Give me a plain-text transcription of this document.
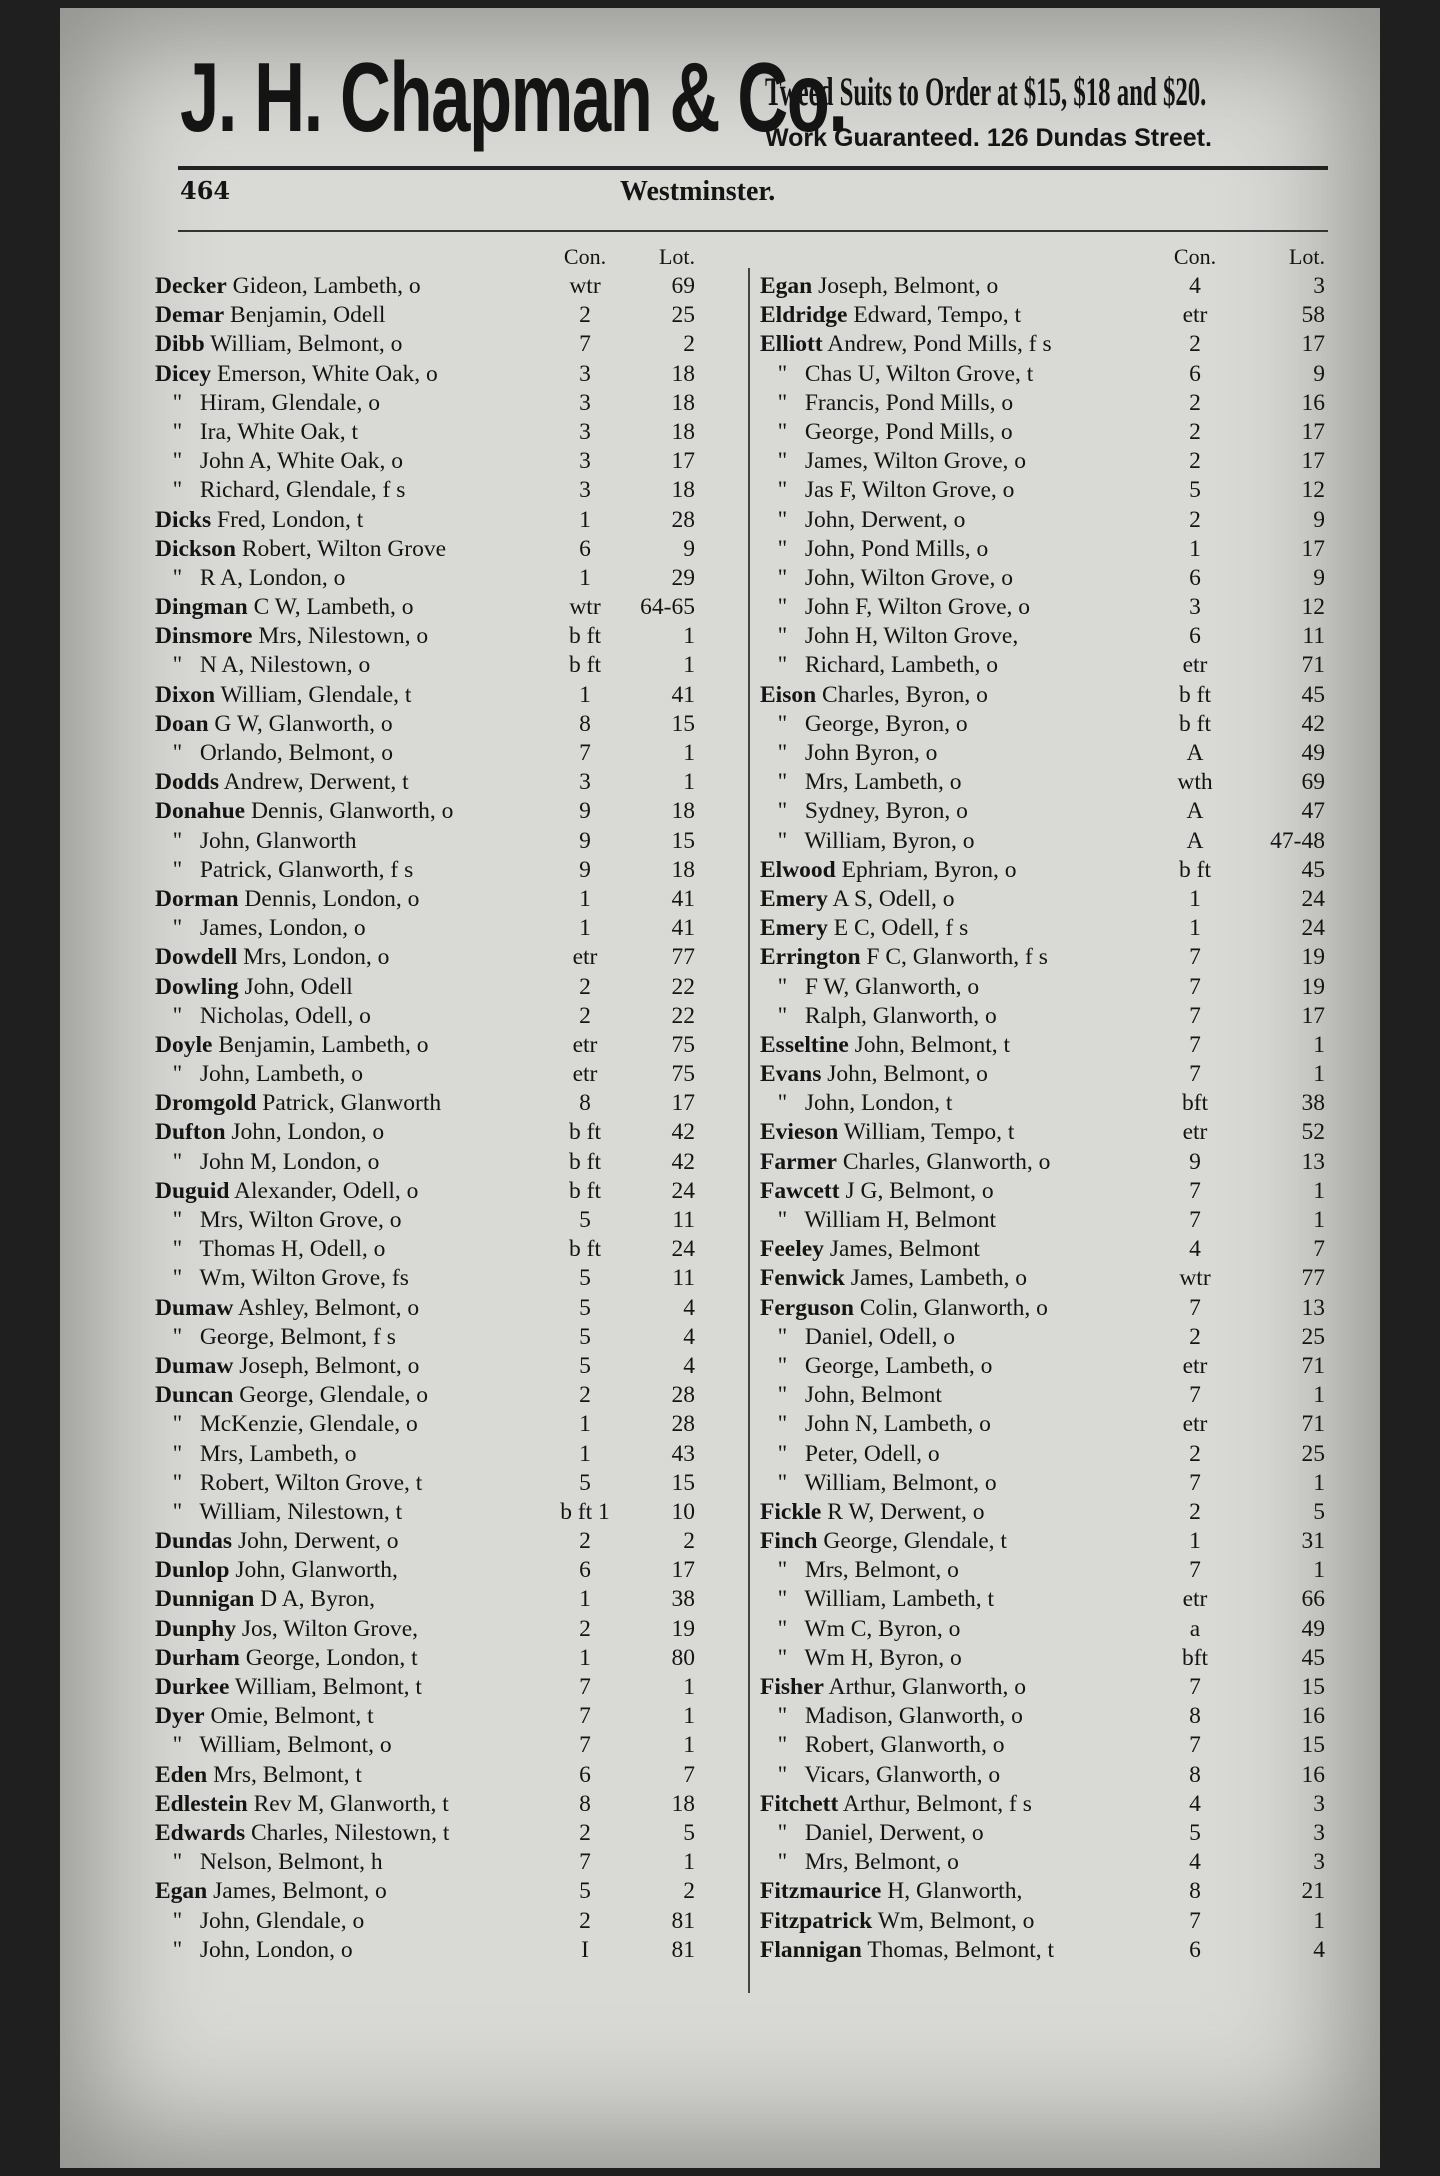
J. H. Chapman & Co.
Tweed Suits to Order at $15, $18 and $20.
Work Guaranteed. 126 Dundas Street.
464	Westminster.
Con.	Lot.
Decker Gideon, Lambeth, o	wtr	69
Demar Benjamin, Odell	2	25
Dibb William, Belmont, o	7	2
Dicey Emerson, White Oak, o	3	18
"   Hiram, Glendale, o	3	18
"   Ira, White Oak, t	3	18
"   John A, White Oak, o	3	17
"   Richard, Glendale, f s	3	18
Dicks Fred, London, t	1	28
Dickson Robert, Wilton Grove	6	9
"   R A, London, o	1	29
Dingman C W, Lambeth, o	wtr	64-65
Dinsmore Mrs, Nilestown, o	b ft	1
"   N A, Nilestown, o	b ft	1
Dixon William, Glendale, t	1	41
Doan G W, Glanworth, o	8	15
"   Orlando, Belmont, o	7	1
Dodds Andrew, Derwent, t	3	1
Donahue Dennis, Glanworth, o	9	18
"   John, Glanworth	9	15
"   Patrick, Glanworth, f s	9	18
Dorman Dennis, London, o	1	41
"   James, London, o	1	41
Dowdell Mrs, London, o	etr	77
Dowling John, Odell	2	22
"   Nicholas, Odell, o	2	22
Doyle Benjamin, Lambeth, o	etr	75
"   John, Lambeth, o	etr	75
Dromgold Patrick, Glanworth	8	17
Dufton John, London, o	b ft	42
"   John M, London, o	b ft	42
Duguid Alexander, Odell, o	b ft	24
"   Mrs, Wilton Grove, o	5	11
"   Thomas H, Odell, o	b ft	24
"   Wm, Wilton Grove, fs	5	11
Dumaw Ashley, Belmont, o	5	4
"   George, Belmont, f s	5	4
Dumaw Joseph, Belmont, o	5	4
Duncan George, Glendale, o	2	28
"   McKenzie, Glendale, o	1	28
"   Mrs, Lambeth, o	1	43
"   Robert, Wilton Grove, t	5	15
"   William, Nilestown, t	b ft 1	10
Dundas John, Derwent, o	2	2
Dunlop John, Glanworth,	6	17
Dunnigan D A, Byron,	1	38
Dunphy Jos, Wilton Grove,	2	19
Durham George, London, t	1	80
Durkee William, Belmont, t	7	1
Dyer Omie, Belmont, t	7	1
"   William, Belmont, o	7	1
Eden Mrs, Belmont, t	6	7
Edlestein Rev M, Glanworth, t	8	18
Edwards Charles, Nilestown, t	2	5
"   Nelson, Belmont, h	7	1
Egan James, Belmont, o	5	2
"   John, Glendale, o	2	81
"   John, London, o	I	81
Con.	Lot.
Egan Joseph, Belmont, o	4	3
Eldridge Edward, Tempo, t	etr	58
Elliott Andrew, Pond Mills, f s	2	17
"   Chas U, Wilton Grove, t	6	9
"   Francis, Pond Mills, o	2	16
"   George, Pond Mills, o	2	17
"   James, Wilton Grove, o	2	17
"   Jas F, Wilton Grove, o	5	12
"   John, Derwent, o	2	9
"   John, Pond Mills, o	1	17
"   John, Wilton Grove, o	6	9
"   John F, Wilton Grove, o	3	12
"   John H, Wilton Grove,	6	11
"   Richard, Lambeth, o	etr	71
Eison Charles, Byron, o	b ft	45
"   George, Byron, o	b ft	42
"   John Byron, o	A	49
"   Mrs, Lambeth, o	wth	69
"   Sydney, Byron, o	A	47
"   William, Byron, o	A	47-48
Elwood Ephriam, Byron, o	b ft	45
Emery A S, Odell, o	1	24
Emery E C, Odell, f s	1	24
Errington F C, Glanworth, f s	7	19
"   F W, Glanworth, o	7	19
"   Ralph, Glanworth, o	7	17
Esseltine John, Belmont, t	7	1
Evans John, Belmont, o	7	1
"   John, London, t	bft	38
Evieson William, Tempo, t	etr	52
Farmer Charles, Glanworth, o	9	13
Fawcett J G, Belmont, o	7	1
"   William H, Belmont	7	1
Feeley James, Belmont	4	7
Fenwick James, Lambeth, o	wtr	77
Ferguson Colin, Glanworth, o	7	13
"   Daniel, Odell, o	2	25
"   George, Lambeth, o	etr	71
"   John, Belmont	7	1
"   John N, Lambeth, o	etr	71
"   Peter, Odell, o	2	25
"   William, Belmont, o	7	1
Fickle R W, Derwent, o	2	5
Finch George, Glendale, t	1	31
"   Mrs, Belmont, o	7	1
"   William, Lambeth, t	etr	66
"   Wm C, Byron, o	a	49
"   Wm H, Byron, o	bft	45
Fisher Arthur, Glanworth, o	7	15
"   Madison, Glanworth, o	8	16
"   Robert, Glanworth, o	7	15
"   Vicars, Glanworth, o	8	16
Fitchett Arthur, Belmont, f s	4	3
"   Daniel, Derwent, o	5	3
"   Mrs, Belmont, o	4	3
Fitzmaurice H, Glanworth,	8	21
Fitzpatrick Wm, Belmont, o	7	1
Flannigan Thomas, Belmont, t	6	4
